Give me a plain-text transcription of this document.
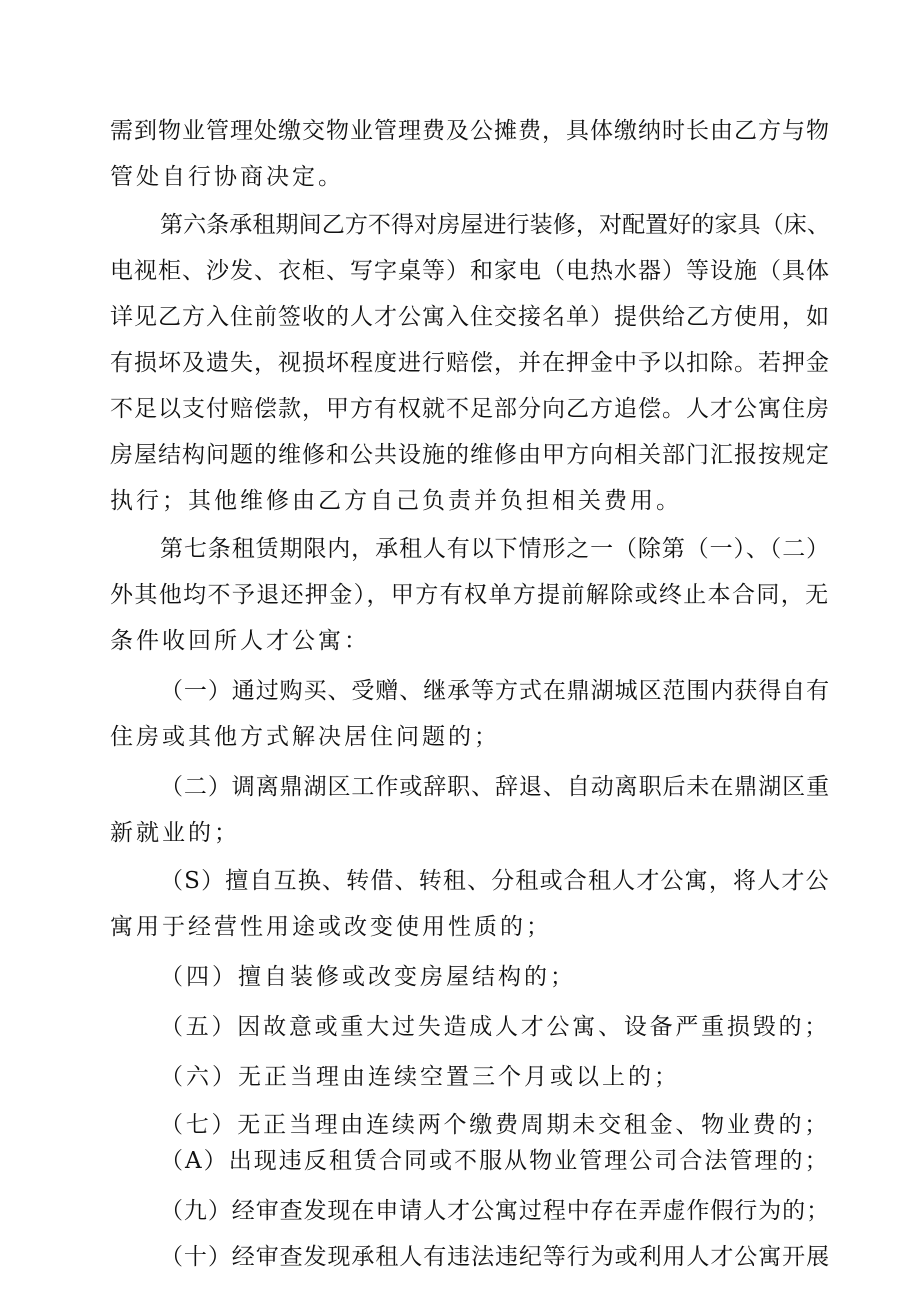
需到物业管理处缴交物业管理费及公摊费，具体缴纳时长由乙方与物
管处自行协商决定。
第六条承租期间乙方不得对房屋进行装修，对配置好的家具（床、
电视柜、沙发、衣柜、写字桌等）和家电（电热水器）等设施（具体
详见乙方入住前签收的人才公寓入住交接名单）提供给乙方使用，如
有损坏及遗失，视损坏程度进行赔偿，并在押金中予以扣除。若押金
不足以支付赔偿款，甲方有权就不足部分向乙方追偿。人才公寓住房
房屋结构问题的维修和公共设施的维修由甲方向相关部门汇报按规定
执行；其他维修由乙方自己负责并负担相关费用。
第七条租赁期限内，承租人有以下情形之一（除第（一）、（二）
外其他均不予退还押金），甲方有权单方提前解除或终止本合同，无
条件收回所人才公寓：
（一）通过购买、受赠、继承等方式在鼎湖城区范围内获得自有
住房或其他方式解决居住问题的；
（二）调离鼎湖区工作或辞职、辞退、自动离职后未在鼎湖区重
新就业的；
（S）擅自互换、转借、转租、分租或合租人才公寓，将人才公
寓用于经营性用途或改变使用性质的；
（四）擅自装修或改变房屋结构的；
（五）因故意或重大过失造成人才公寓、设备严重损毁的；
（六）无正当理由连续空置三个月或以上的；
（七）无正当理由连续两个缴费周期未交租金、物业费的；
（A）出现违反租赁合同或不服从物业管理公司合法管理的；
（九）经审查发现在申请人才公寓过程中存在弄虚作假行为的；
（十）经审查发现承租人有违法违纪等行为或利用人才公寓开展
